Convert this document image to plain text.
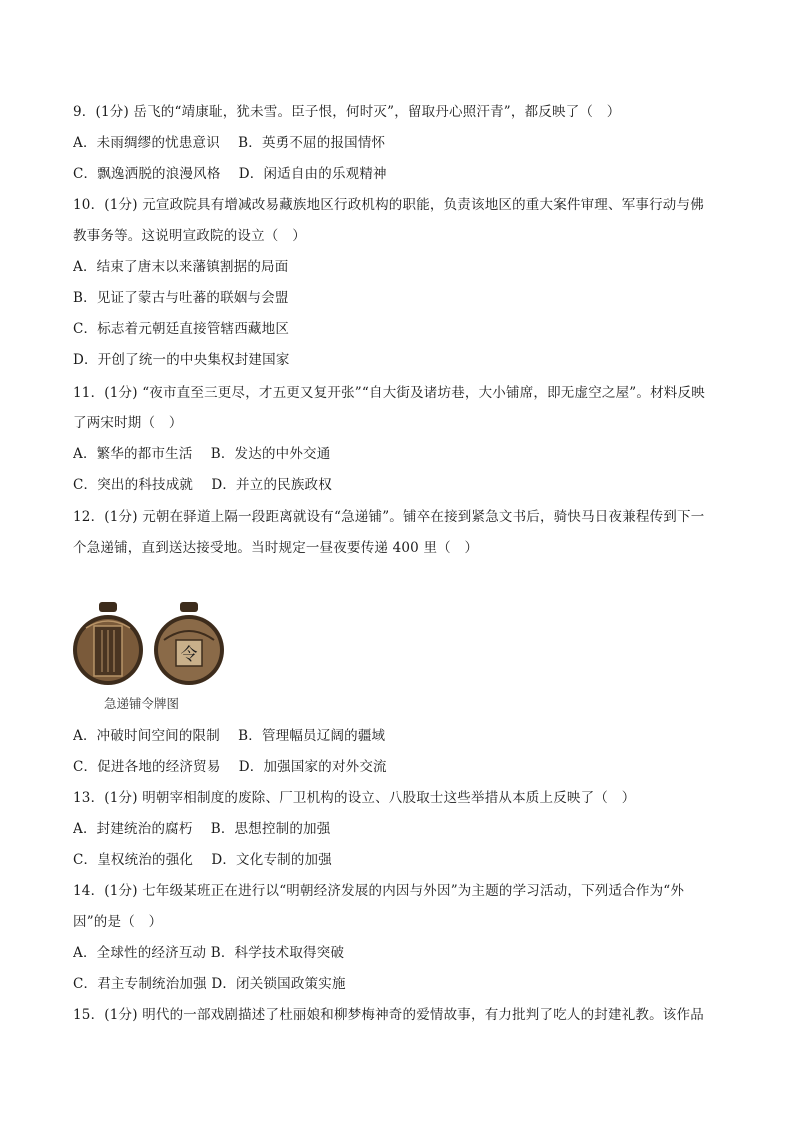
9．(1分) 岳飞的“靖康耻，犹未雪。臣子恨，何时灭”，留取丹心照汗青”，都反映了（　）
A．未雨绸缪的忧患意识　 B．英勇不屈的报国情怀
C．飘逸洒脱的浪漫风格　 D．闲适自由的乐观精神
10．(1分) 元宣政院具有增减改易藏族地区行政机构的职能，负责该地区的重大案件审理、军事行动与佛
教事务等。这说明宣政院的设立（　）
A．结束了唐末以来藩镇割据的局面
B．见证了蒙古与吐蕃的联姻与会盟
C．标志着元朝廷直接管辖西藏地区
D．开创了统一的中央集权封建国家
11．(1分) “夜市直至三更尽，才五更又复开张”“自大街及诸坊巷，大小铺席，即无虚空之屋”。材料反映
了两宋时期（　）
A．繁华的都市生活　 B．发达的中外交通
C．突出的科技成就　 D．并立的民族政权
12．(1分) 元朝在驿道上隔一段距离就设有“急递铺”。铺卒在接到紧急文书后，骑快马日夜兼程传到下一
个急递铺，直到送达接受地。当时规定一昼夜要传递 400 里（　）
令
急递铺令牌图
A．冲破时间空间的限制　 B．管理幅员辽阔的疆域
C．促进各地的经济贸易　 D．加强国家的对外交流
13．(1分) 明朝宰相制度的废除、厂卫机构的设立、八股取士这些举措从本质上反映了（　）
A．封建统治的腐朽　 B．思想控制的加强
C．皇权统治的强化　 D．文化专制的加强
14．(1分) 七年级某班正在进行以“明朝经济发展的内因与外因”为主题的学习活动，下列适合作为“外
因”的是（　）
A．全球性的经济互动 B．科学技术取得突破
C．君主专制统治加强 D．闭关锁国政策实施
15．(1分) 明代的一部戏剧描述了杜丽娘和柳梦梅神奇的爱情故事，有力批判了吃人的封建礼教。该作品
